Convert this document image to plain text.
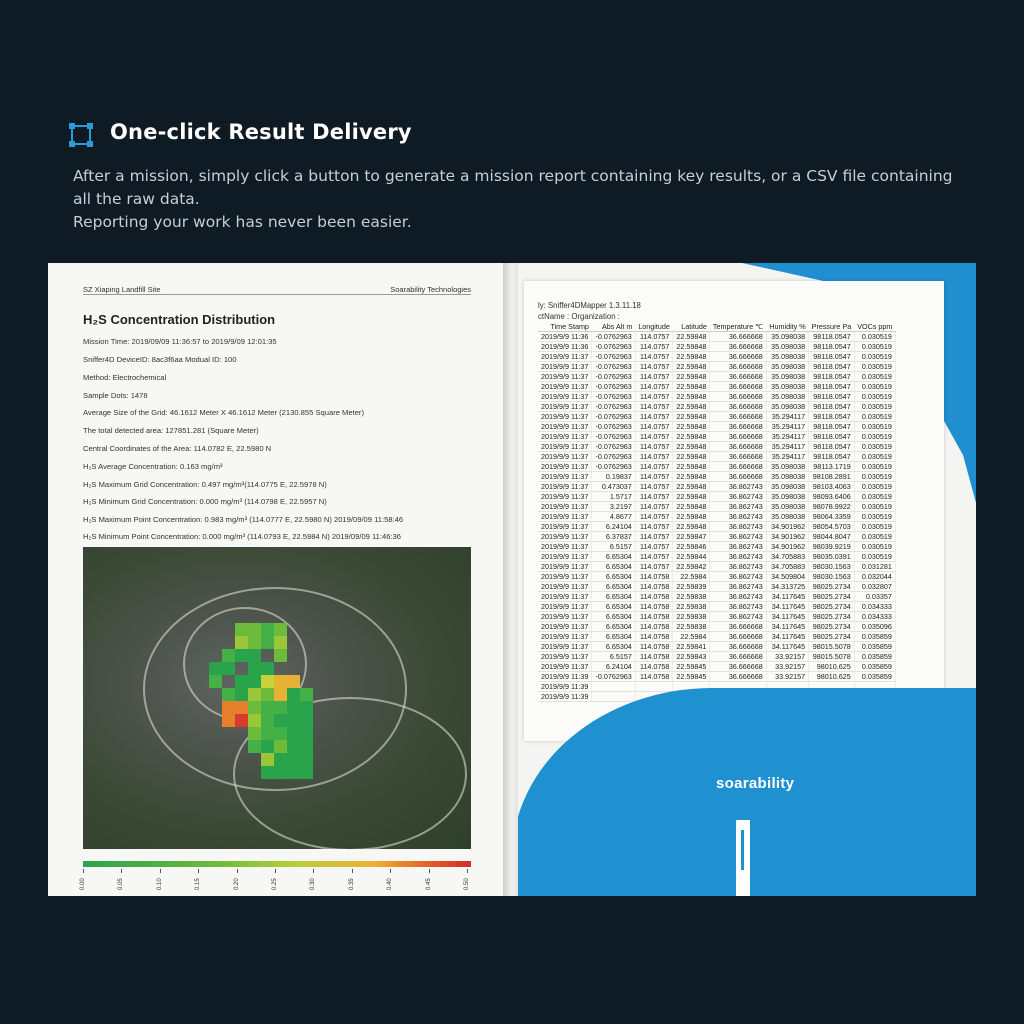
One-click Result Delivery
After a mission, simply click a button to generate a mission report containing key results, or a CSV file containing all the raw data.
Reporting your work has never been easier.
SZ Xiaping Landfill Site	Soarability Technologies
H₂S Concentration Distribution
Mission Time: 2019/09/09 11:36:57 to 2019/9/09 12:01:35
Sniffer4D DeviceID: 8ac3f6aa Modual ID: 100
Method: Electrochemical
Sample Dots: 1478
Average Size of the Grid: 46.1612 Meter X 46.1612 Meter (2130.855 Square Meter)
The total detected area: 127851.281 (Square Meter)
Central Coordinates of the Area: 114.0782 E, 22.5980 N
H₂S Average Concentration: 0.163 mg/m³
H₂S Maximum Grid Concentration: 0.497 mg/m³(114.0775 E, 22.5978 N)
H₂S Minimum Grid Concentration: 0.000 mg/m³ (114.0798 E, 22.5957 N)
H₂S Maximum Point Concentration: 0.983 mg/m³ (114.0777 E, 22.5980 N) 2019/09/09 11:58:46
H₂S Minimum Point Concentration: 0.000 mg/m³ (114.0793 E, 22.5984 N) 2019/09/09 11:46:36
0.00	0.05	0.10	0.15	0.20	0.25	0.30	0.35	0.40	0.45	0.50
ly: Sniffer4DMapper 1.3.11.18
ctName : Organization :
Time Stamp	Abs Alt m	Longitude	Latitude	Temperature ℃	Humidity %	Pressure Pa	VOCs ppm
2019/9/9 11:36	-0.0762963	114.0757	22.59848	36.666668	35.098038	98118.0547	0.030519
2019/9/9 11:36	-0.0762963	114.0757	22.59848	36.666668	35.098038	98118.0547	0.030519
2019/9/9 11:37	-0.0762963	114.0757	22.59848	36.666668	35.098038	98118.0547	0.030519
2019/9/9 11:37	-0.0762963	114.0757	22.59848	36.666668	35.098038	98118.0547	0.030519
2019/9/9 11:37	-0.0762963	114.0757	22.59848	36.666668	35.098038	98118.0547	0.030519
2019/9/9 11:37	-0.0762963	114.0757	22.59848	36.666668	35.098038	98118.0547	0.030519
2019/9/9 11:37	-0.0762963	114.0757	22.59848	36.666668	35.098038	98118.0547	0.030519
2019/9/9 11:37	-0.0762963	114.0757	22.59848	36.666668	35.098038	98118.0547	0.030519
2019/9/9 11:37	-0.0762963	114.0757	22.59848	36.666668	35.294117	98118.0547	0.030519
2019/9/9 11:37	-0.0762963	114.0757	22.59848	36.666668	35.294117	98118.0547	0.030519
2019/9/9 11:37	-0.0762963	114.0757	22.59848	36.666668	35.294117	98118.0547	0.030519
2019/9/9 11:37	-0.0762963	114.0757	22.59848	36.666668	35.294117	98118.0547	0.030519
2019/9/9 11:37	-0.0762963	114.0757	22.59848	36.666668	35.294117	98118.0547	0.030519
2019/9/9 11:37	-0.0762963	114.0757	22.59848	36.666668	35.098038	98113.1719	0.030519
2019/9/9 11:37	0.19837	114.0757	22.59848	36.666668	35.098038	98108.2891	0.030519
2019/9/9 11:37	0.473037	114.0757	22.59848	36.862743	35.098038	98103.4063	0.030519
2019/9/9 11:37	1.5717	114.0757	22.59848	36.862743	35.098038	98093.6406	0.030519
2019/9/9 11:37	3.2197	114.0757	22.59848	36.862743	35.098038	98078.9922	0.030519
2019/9/9 11:37	4.8677	114.0757	22.59848	36.862743	35.098038	98064.3359	0.030519
2019/9/9 11:37	6.24104	114.0757	22.59848	36.862743	34.901962	98054.5703	0.030519
2019/9/9 11:37	6.37837	114.0757	22.59847	36.862743	34.901962	98044.8047	0.030519
2019/9/9 11:37	6.5157	114.0757	22.59846	36.862743	34.901962	98039.9219	0.030519
2019/9/9 11:37	6.65304	114.0757	22.59844	36.862743	34.705883	98035.0391	0.030519
2019/9/9 11:37	6.65304	114.0757	22.59842	36.862743	34.705883	98030.1563	0.031281
2019/9/9 11:37	6.65304	114.0758	22.5984	36.862743	34.509804	98030.1563	0.032044
2019/9/9 11:37	6.65304	114.0758	22.59839	36.862743	34.313725	98025.2734	0.032807
2019/9/9 11:37	6.65304	114.0758	22.59838	36.862743	34.117645	98025.2734	0.03357
2019/9/9 11:37	6.65304	114.0758	22.59838	36.862743	34.117645	98025.2734	0.034333
2019/9/9 11:37	6.65304	114.0758	22.59838	36.862743	34.117645	98025.2734	0.034333
2019/9/9 11:37	6.65304	114.0758	22.59838	36.666668	34.117645	98025.2734	0.035096
2019/9/9 11:37	6.65304	114.0758	22.5984	36.666668	34.117645	98025.2734	0.035859
2019/9/9 11:37	6.65304	114.0758	22.59841	36.666668	34.117645	98015.5078	0.035859
2019/9/9 11:37	6.5157	114.0758	22.59843	36.666668	33.92157	98015.5078	0.035859
2019/9/9 11:37	6.24104	114.0758	22.59845	36.666668	33.92157	98010.625	0.035859
2019/9/9 11:39	-0.0762963	114.0758	22.59845	36.666668	33.92157	98010.625	0.035859
2019/9/9 11:39							
2019/9/9 11:39							
soarability
